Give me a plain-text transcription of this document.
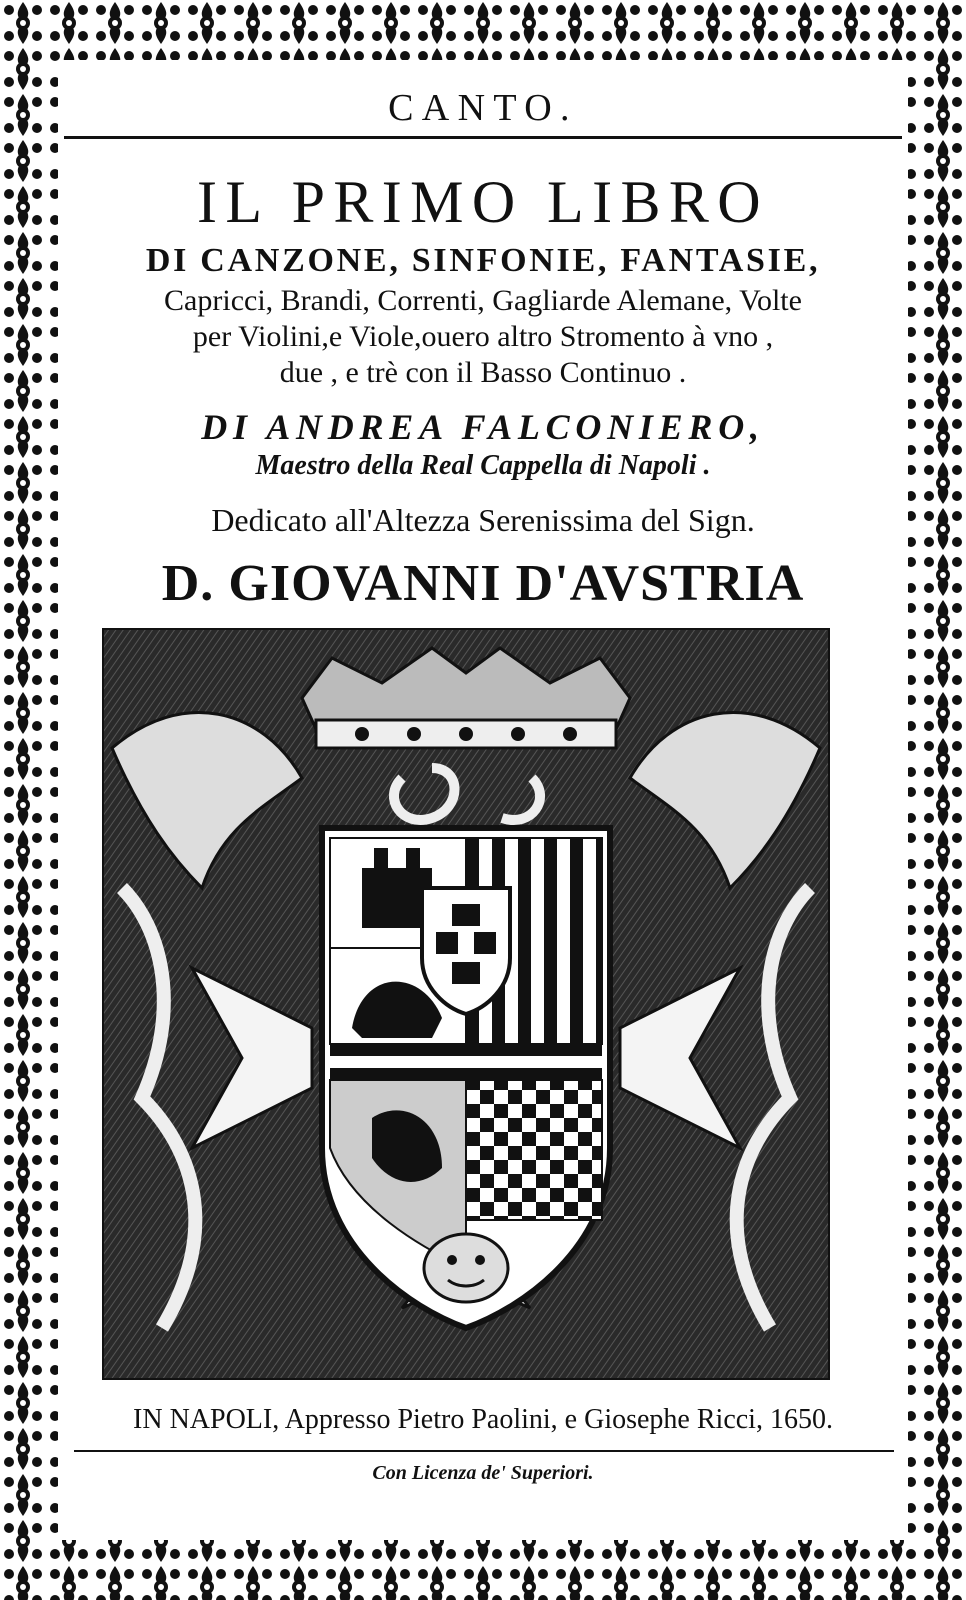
CANTO.
IL PRIMO LIBRO
DI CANZONE, SINFONIE, FANTASIE,
Capricci, Brandi, Correnti, Gagliarde Alemane, Volte
per Violini,e Viole,ouero altro Stromento à vno ,
due , e trè con il Basso Continuo .
DI ANDREA FALCONIERO,
Maestro della Real Cappella di Napoli .
Dedicato all'Altezza Serenissima del Sign.
D. GIOVANNI D'AVSTRIA
IN NAPOLI, Appresso Pietro Paolini, e Giosephe Ricci, 1650.
Con Licenza de' Superiori.
